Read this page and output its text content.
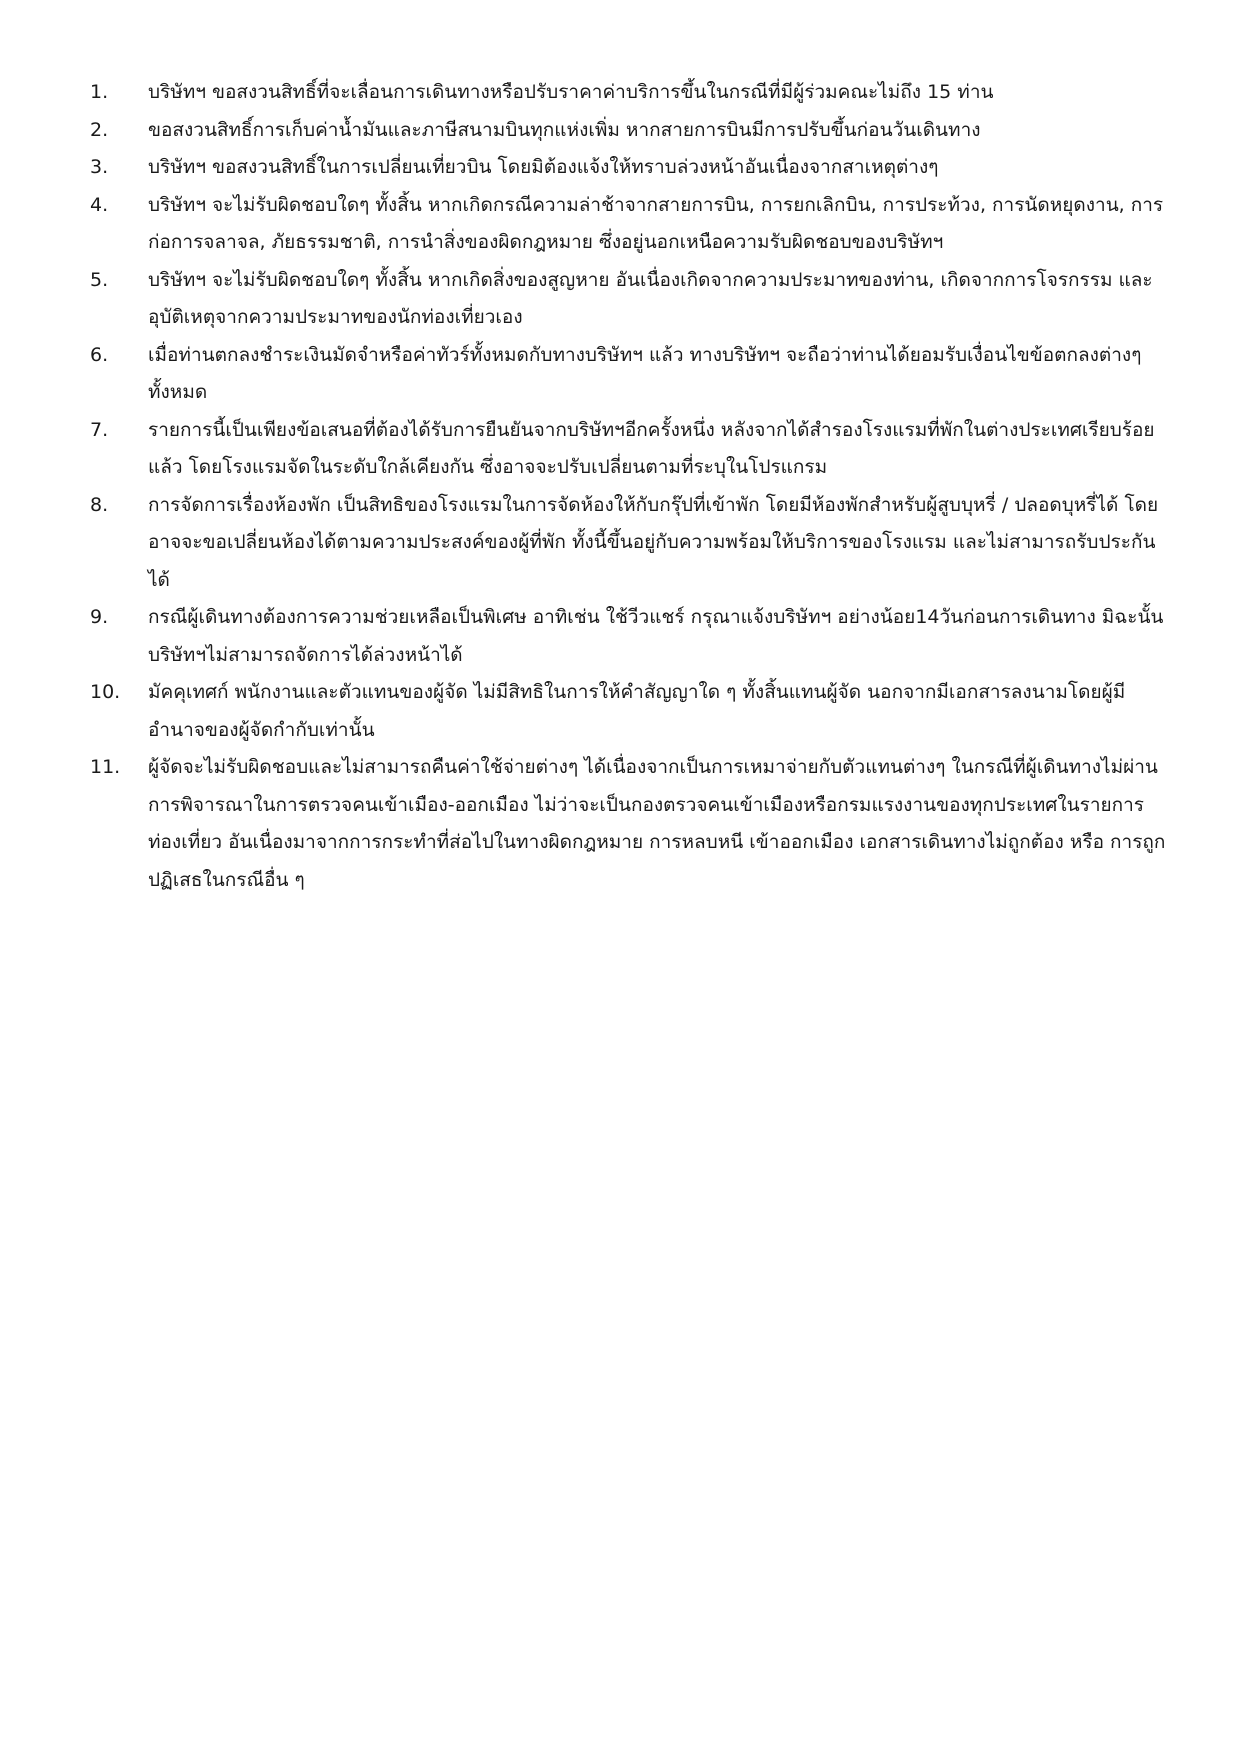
1.	บริษัทฯ ขอสงวนสิทธิ์ที่จะเลื่อนการเดินทางหรือปรับราคาค่าบริการขึ้นในกรณีที่มีผู้ร่วมคณะไม่ถึง 15 ท่าน
2.	ขอสงวนสิทธิ์การเก็บค่าน้ำมันและภาษีสนามบินทุกแห่งเพิ่ม หากสายการบินมีการปรับขึ้นก่อนวันเดินทาง
3.	บริษัทฯ ขอสงวนสิทธิ์ในการเปลี่ยนเที่ยวบิน โดยมิต้องแจ้งให้ทราบล่วงหน้าอันเนื่องจากสาเหตุต่างๆ
4.	บริษัทฯ จะไม่รับผิดชอบใดๆ ทั้งสิ้น หากเกิดกรณีความล่าช้าจากสายการบิน, การยกเลิกบิน, การประท้วง, การนัดหยุดงาน, การก่อการจลาจล, ภัยธรรมชาติ, การนำสิ่งของผิดกฎหมาย ซึ่งอยู่นอกเหนือความรับผิดชอบของบริษัทฯ
5.	บริษัทฯ จะไม่รับผิดชอบใดๆ ทั้งสิ้น หากเกิดสิ่งของสูญหาย อันเนื่องเกิดจากความประมาทของท่าน, เกิดจากการโจรกรรม และ อุบัติเหตุจากความประมาทของนักท่องเที่ยวเอง
6.	เมื่อท่านตกลงชำระเงินมัดจำหรือค่าทัวร์ทั้งหมดกับทางบริษัทฯ แล้ว ทางบริษัทฯ จะถือว่าท่านได้ยอมรับเงื่อนไขข้อตกลงต่างๆ ทั้งหมด
7.	รายการนี้เป็นเพียงข้อเสนอที่ต้องได้รับการยืนยันจากบริษัทฯอีกครั้งหนึ่ง หลังจากได้สำรองโรงแรมที่พักในต่างประเทศเรียบร้อยแล้ว โดยโรงแรมจัดในระดับใกล้เคียงกัน ซึ่งอาจจะปรับเปลี่ยนตามที่ระบุในโปรแกรม
8.	การจัดการเรื่องห้องพัก เป็นสิทธิของโรงแรมในการจัดห้องให้กับกรุ๊ปที่เข้าพัก โดยมีห้องพักสำหรับผู้สูบบุหรี่ / ปลอดบุหรี่ได้ โดยอาจจะขอเปลี่ยนห้องได้ตามความประสงค์ของผู้ที่พัก ทั้งนี้ขึ้นอยู่กับความพร้อมให้บริการของโรงแรม และไม่สามารถรับประกันได้
9.	กรณีผู้เดินทางต้องการความช่วยเหลือเป็นพิเศษ อาทิเช่น ใช้วีวแชร์ กรุณาแจ้งบริษัทฯ อย่างน้อย14วันก่อนการเดินทาง มิฉะนั้น บริษัทฯไม่สามารถจัดการได้ล่วงหน้าได้
10.	มัคคุเทศก์ พนักงานและตัวแทนของผู้จัด ไม่มีสิทธิในการให้คำสัญญาใด ๆ ทั้งสิ้นแทนผู้จัด นอกจากมีเอกสารลงนามโดยผู้มีอำนาจของผู้จัดกำกับเท่านั้น
11.	ผู้จัดจะไม่รับผิดชอบและไม่สามารถคืนค่าใช้จ่ายต่างๆ ได้เนื่องจากเป็นการเหมาจ่ายกับตัวแทนต่างๆ ในกรณีที่ผู้เดินทางไม่ผ่านการพิจารณาในการตรวจคนเข้าเมือง-ออกเมือง ไม่ว่าจะเป็นกองตรวจคนเข้าเมืองหรือกรมแรงงานของทุกประเทศในรายการท่องเที่ยว อันเนื่องมาจากการกระทำที่ส่อไปในทางผิดกฎหมาย การหลบหนี เข้าออกเมือง เอกสารเดินทางไม่ถูกต้อง หรือ การถูกปฏิเสธในกรณีอื่น ๆ
